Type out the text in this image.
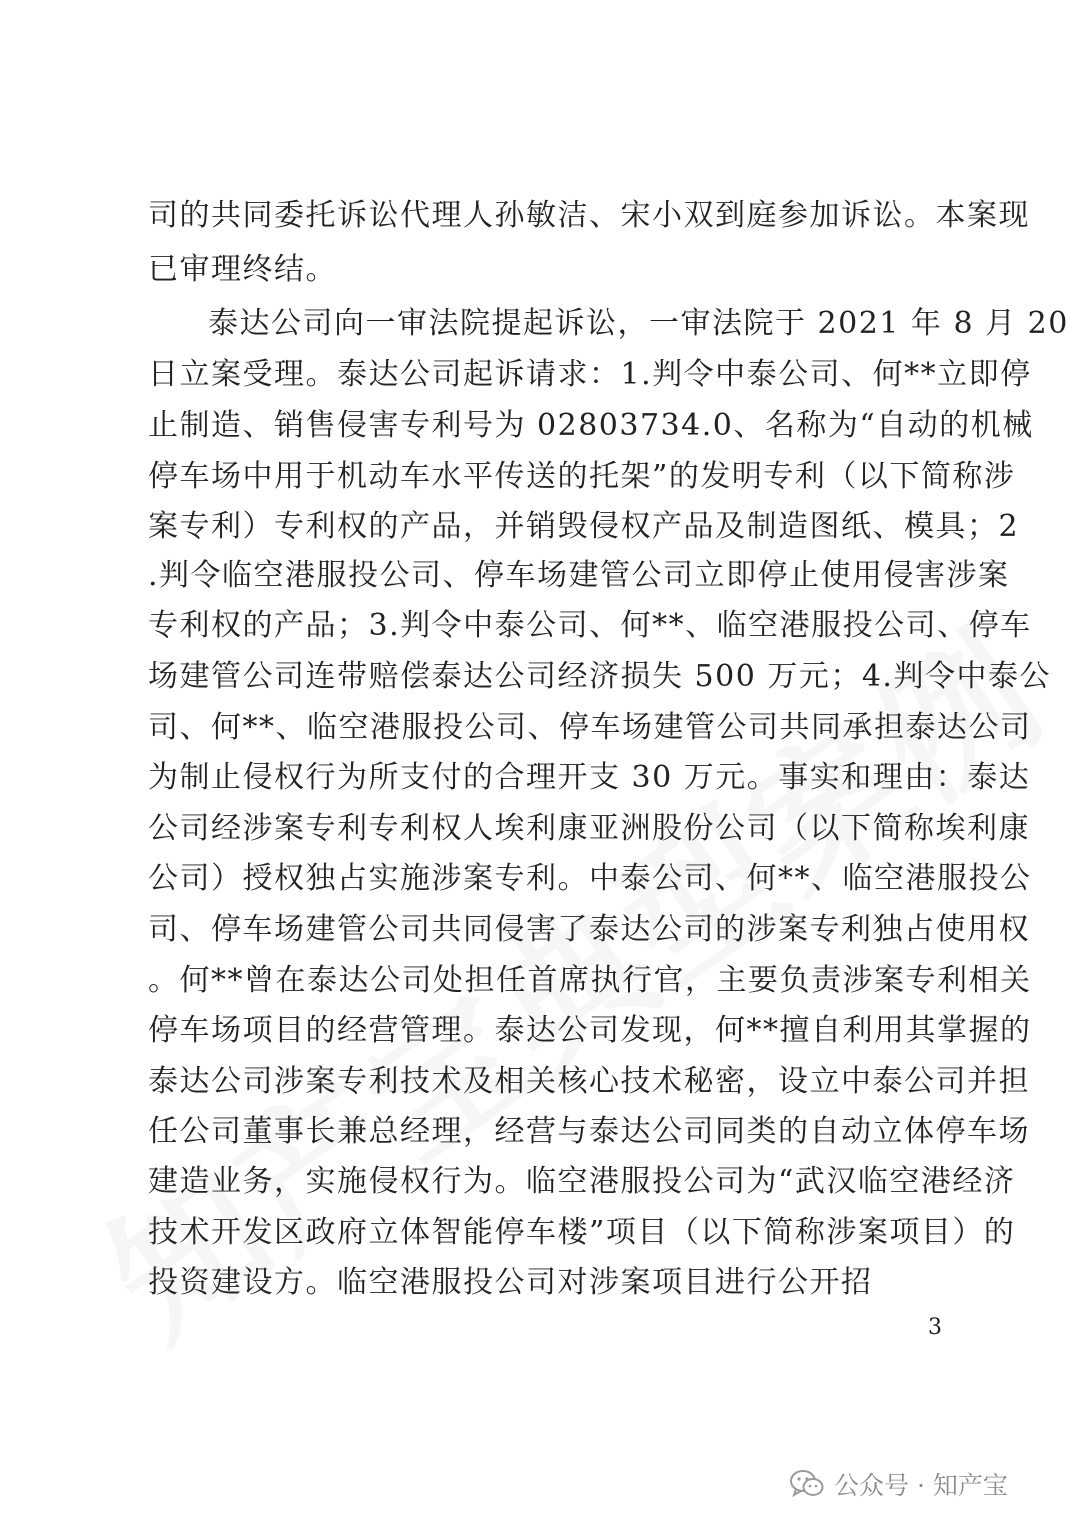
司的共同委托诉讼代理人孙敏洁、宋小双到庭参加诉讼。本案现
已审理终结。
泰达公司向一审法院提起诉讼，一审法院于 2021 年 8 月 20
日立案受理。泰达公司起诉请求：1.判令中泰公司、何**立即停
止制造、销售侵害专利号为 02803734.0、名称为“自动的机械
停车场中用于机动车水平传送的托架”的发明专利（以下简称涉
案专利）专利权的产品，并销毁侵权产品及制造图纸、模具；2
.判令临空港服投公司、停车场建管公司立即停止使用侵害涉案
专利权的产品；3.判令中泰公司、何**、临空港服投公司、停车
场建管公司连带赔偿泰达公司经济损失 500 万元；4.判令中泰公
司、何**、临空港服投公司、停车场建管公司共同承担泰达公司
为制止侵权行为所支付的合理开支 30 万元。事实和理由：泰达
公司经涉案专利专利权人埃利康亚洲股份公司（以下简称埃利康
公司）授权独占实施涉案专利。中泰公司、何**、临空港服投公
司、停车场建管公司共同侵害了泰达公司的涉案专利独占使用权
。何**曾在泰达公司处担任首席执行官，主要负责涉案专利相关
停车场项目的经营管理。泰达公司发现，何**擅自利用其掌握的
泰达公司涉案专利技术及相关核心技术秘密，设立中泰公司并担
任公司董事长兼总经理，经营与泰达公司同类的自动立体停车场
建造业务，实施侵权行为。临空港服投公司为“武汉临空港经济
技术开发区政府立体智能停车楼”项目（以下简称涉案项目）的
投资建设方。临空港服投公司对涉案项目进行公开招
3
公众号 · 知产宝
